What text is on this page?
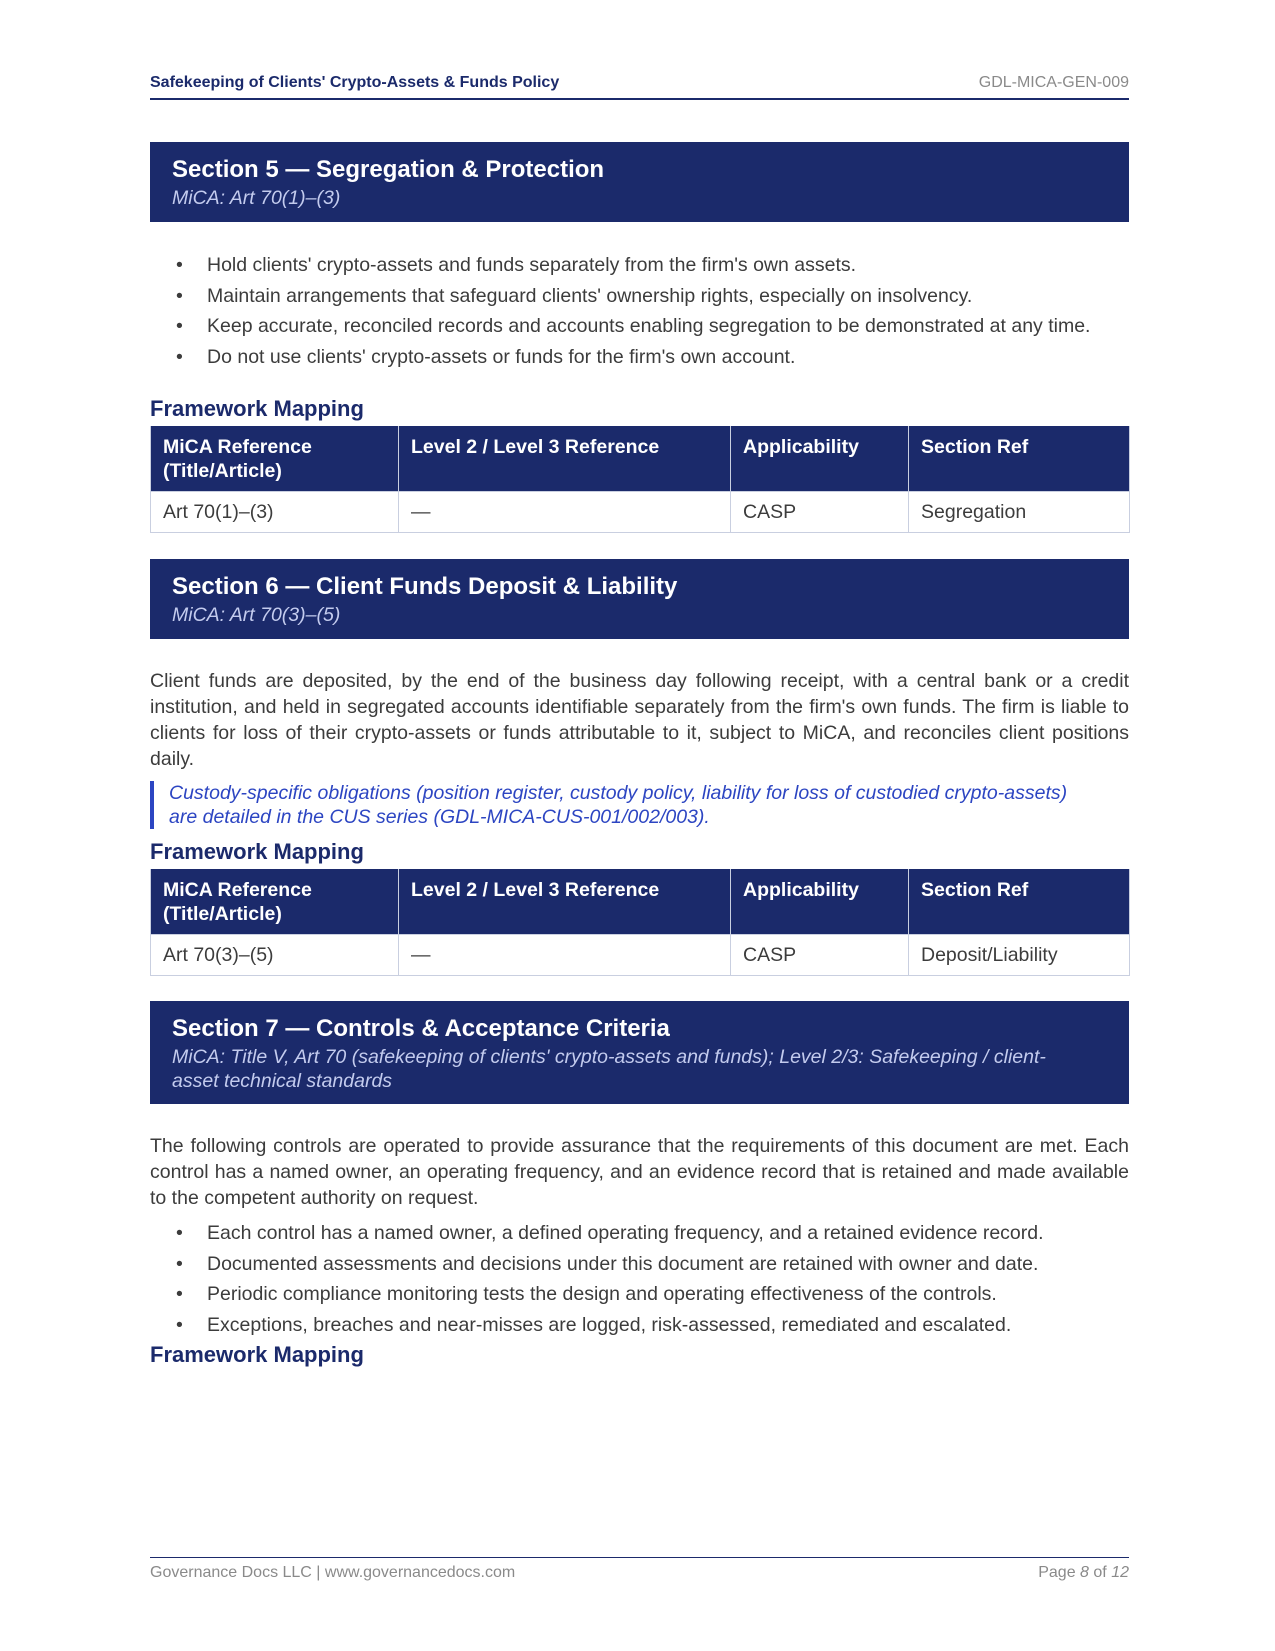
Safekeeping of Clients' Crypto-Assets & Funds Policy	GDL-MICA-GEN-009
Section 5 — Segregation & Protection
MiCA: Art 70(1)–(3)
• Hold clients' crypto-assets and funds separately from the firm's own assets.
• Maintain arrangements that safeguard clients' ownership rights, especially on insolvency.
• Keep accurate, reconciled records and accounts enabling segregation to be demonstrated at any time.
• Do not use clients' crypto-assets or funds for the firm's own account.
Framework Mapping
MiCA Reference (Title/Article)	Level 2 / Level 3 Reference	Applicability	Section Ref
Art 70(1)–(3)	—	CASP	Segregation
Section 6 — Client Funds Deposit & Liability
MiCA: Art 70(3)–(5)
Client funds are deposited, by the end of the business day following receipt, with a central bank or a credit institution, and held in segregated accounts identifiable separately from the firm's own funds. The firm is liable to clients for loss of their crypto-assets or funds attributable to it, subject to MiCA, and reconciles client positions daily.
Custody-specific obligations (position register, custody policy, liability for loss of custodied crypto-assets) are detailed in the CUS series (GDL-MICA-CUS-001/002/003).
Framework Mapping
MiCA Reference (Title/Article)	Level 2 / Level 3 Reference	Applicability	Section Ref
Art 70(3)–(5)	—	CASP	Deposit/Liability
Section 7 — Controls & Acceptance Criteria
MiCA: Title V, Art 70 (safekeeping of clients' crypto-assets and funds); Level 2/3: Safekeeping / client-asset technical standards
The following controls are operated to provide assurance that the requirements of this document are met. Each control has a named owner, an operating frequency, and an evidence record that is retained and made available to the competent authority on request.
• Each control has a named owner, a defined operating frequency, and a retained evidence record.
• Documented assessments and decisions under this document are retained with owner and date.
• Periodic compliance monitoring tests the design and operating effectiveness of the controls.
• Exceptions, breaches and near-misses are logged, risk-assessed, remediated and escalated.
Framework Mapping
Governance Docs LLC | www.governancedocs.com	Page 8 of 12
